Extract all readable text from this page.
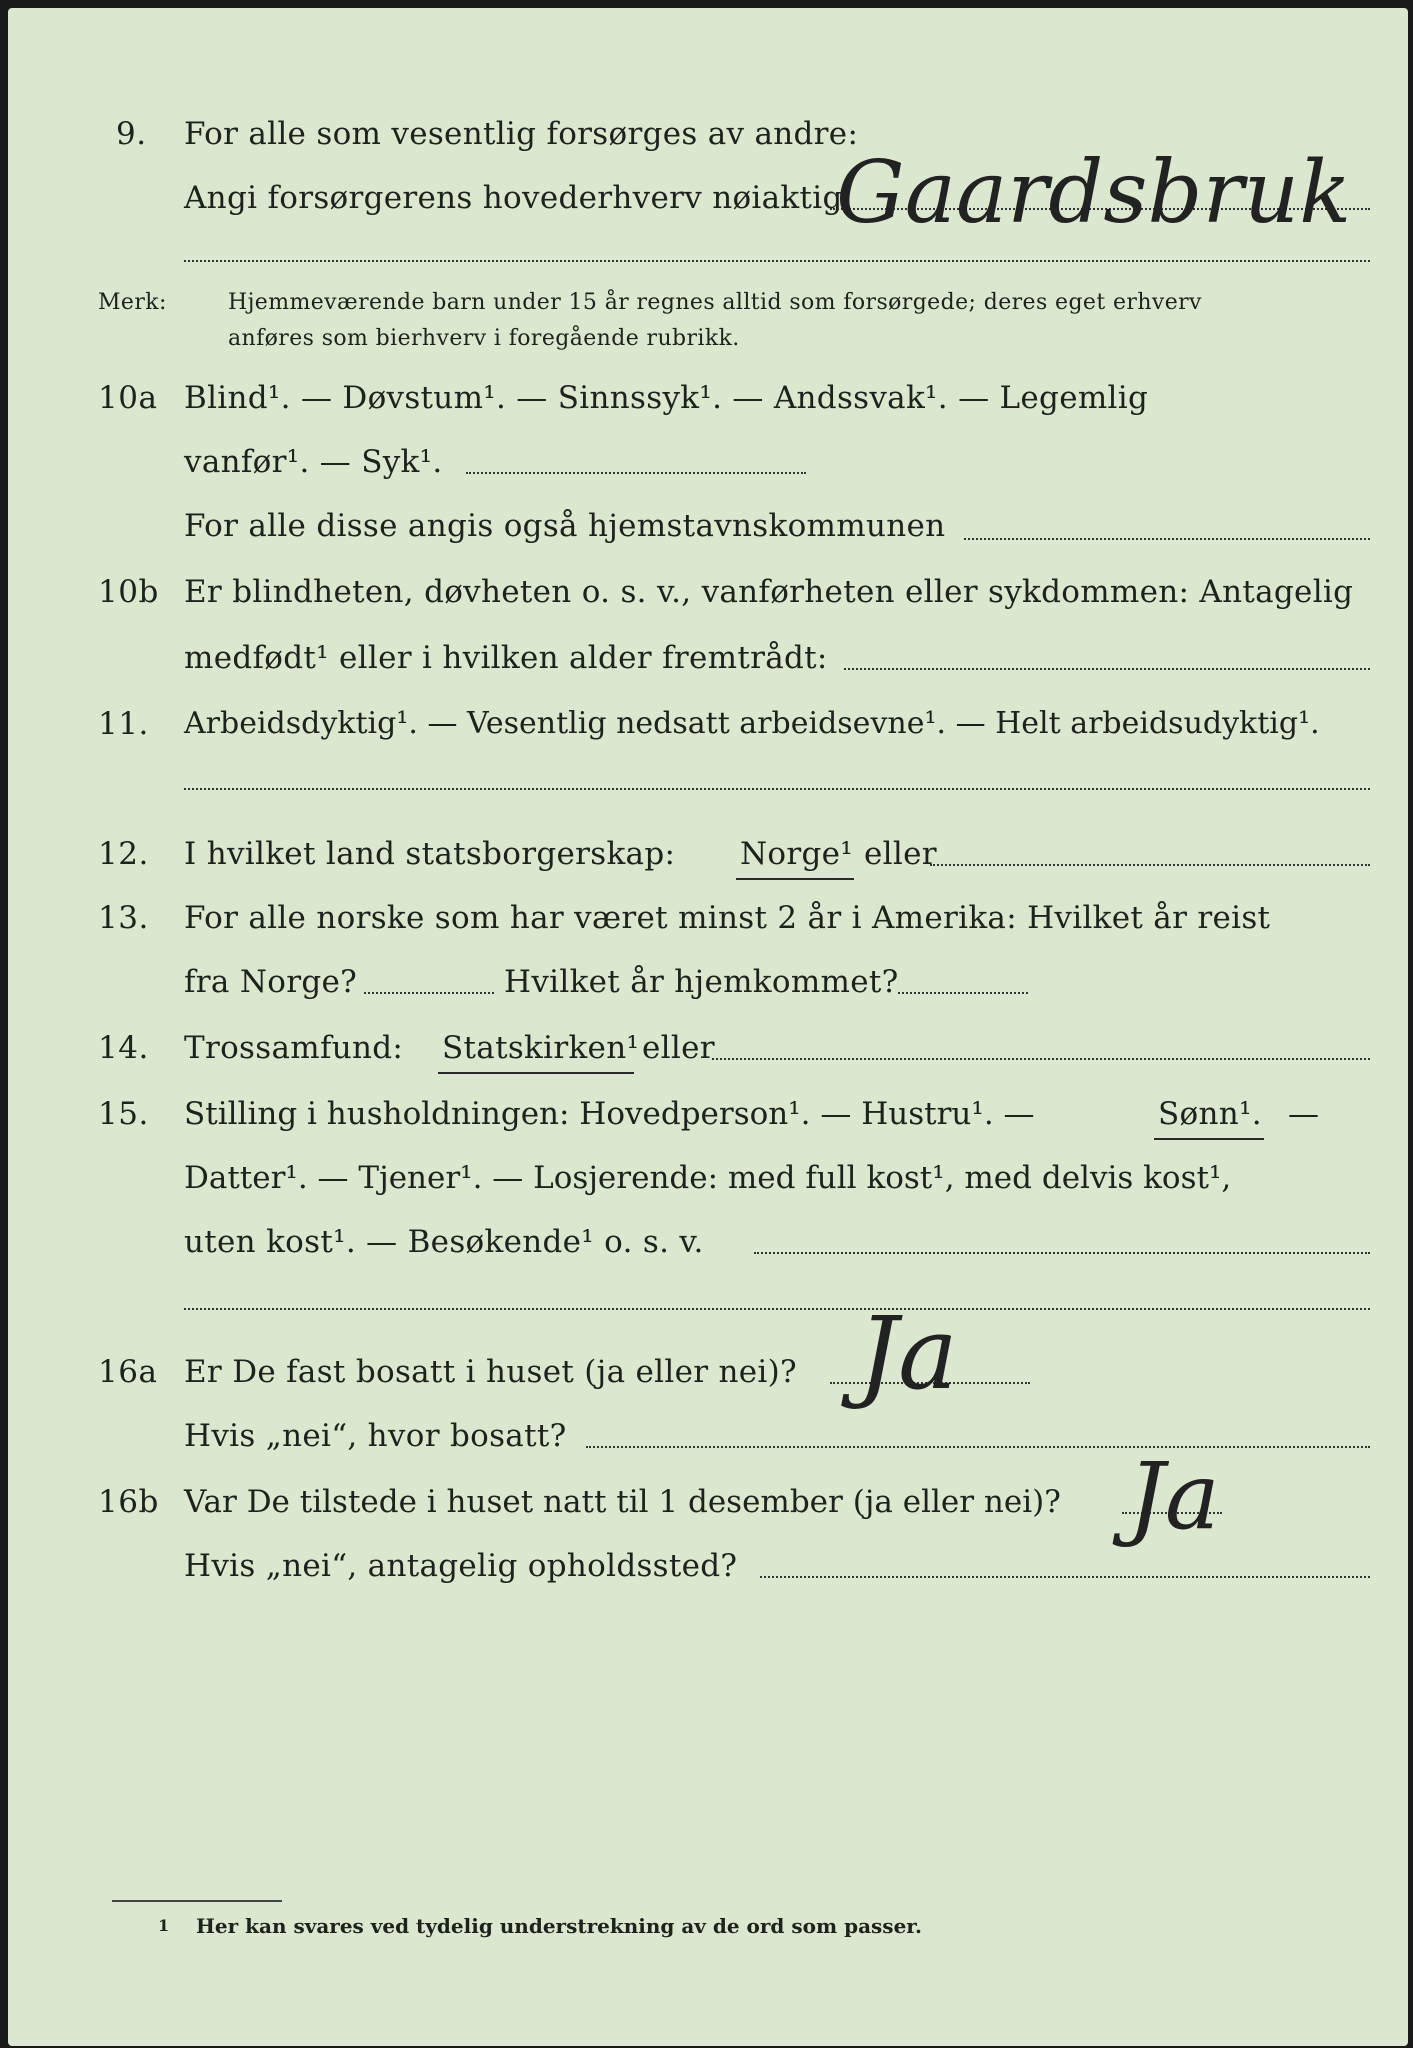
9. For alle som vesentlig forsørges av andre:
Angi forsørgerens hovederhverv nøiaktig
Gaardsbruk
Merk:	Hjemmeværende barn under 15 år regnes alltid som forsørgede; deres eget erhverv
anføres som bierhverv i foregående rubrikk.
10a Blind¹. — Døvstum¹. — Sinnssyk¹. — Andssvak¹. — Legemlig
vanfør¹. — Syk¹.
For alle disse angis også hjemstavnskommunen
10b Er blindheten, døvheten o. s. v., vanførheten eller sykdommen: Antagelig
medfødt¹ eller i hvilken alder fremtrådt:
11. Arbeidsdyktig¹. — Vesentlig nedsatt arbeidsevne¹. — Helt arbeidsudyktig¹.
12. I hvilket land statsborgerskap: Norge¹ eller
13. For alle norske som har været minst 2 år i Amerika: Hvilket år reist
fra Norge?	Hvilket år hjemkommet?
14. Trossamfund: Statskirken¹ eller
15. Stilling i husholdningen: Hovedperson¹. — Hustru¹. —	Sønn¹. —
Datter¹. — Tjener¹. — Losjerende: med full kost¹, med delvis kost¹,
uten kost¹. — Besøkende¹ o. s. v.
16a Er De fast bosatt i huset (ja eller nei)?
Hvis „nei“, hvor bosatt?
Ja
16b Var De tilstede i huset natt til 1 desember (ja eller nei)?
Hvis „nei“, antagelig opholdssted?
Ja
1 Her kan svares ved tydelig understrekning av de ord som passer.
